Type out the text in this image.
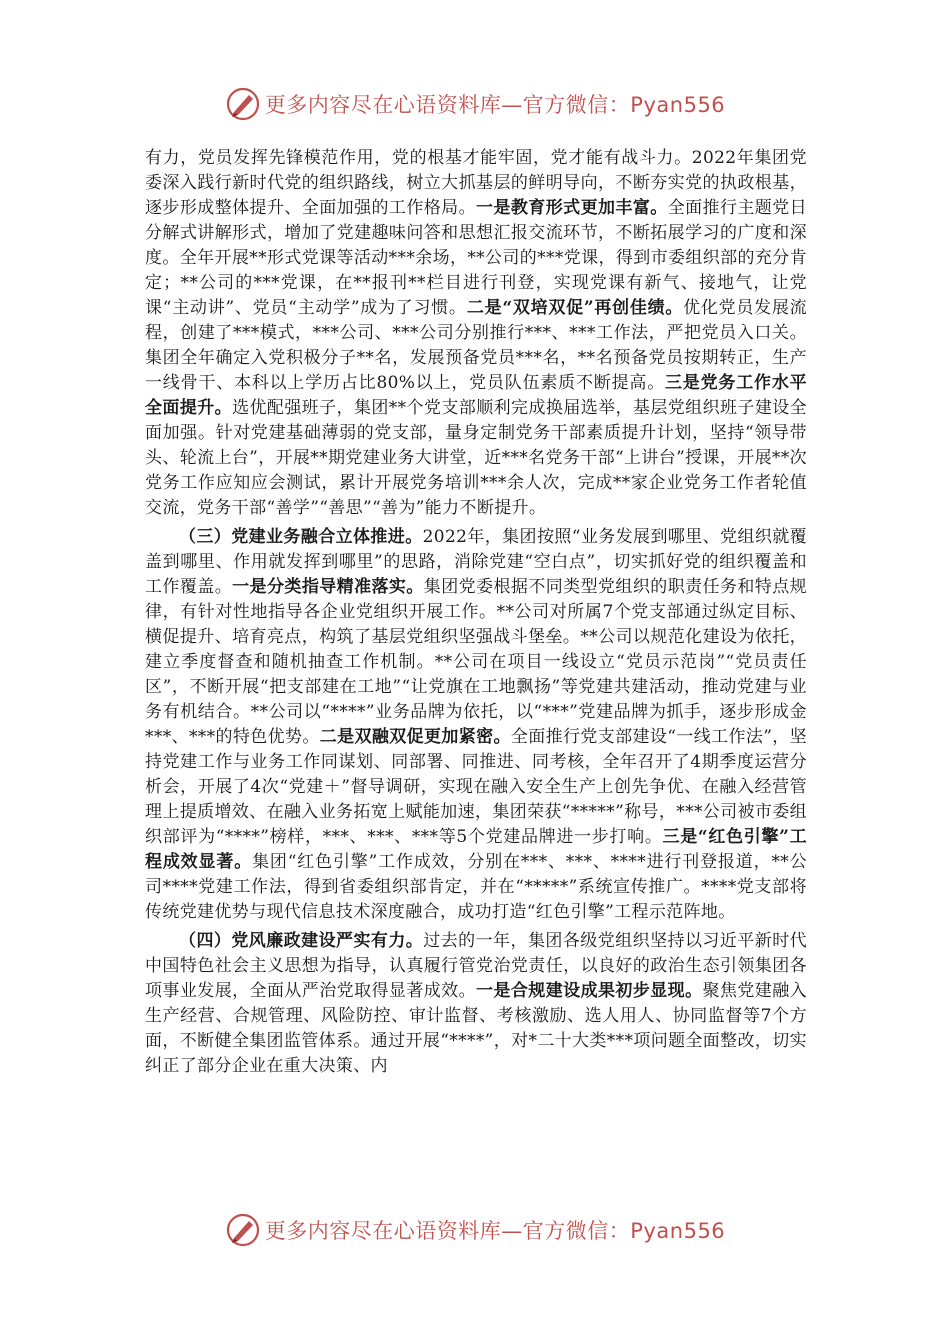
更多内容尽在心语资料库—官方微信：Pyan556

有力，党员发挥先锋模范作用，党的根基才能牢固，党才能有战斗力。2022年集团党委深入践行新时代党的组织路线，树立大抓基层的鲜明导向，不断夯实党的执政根基，逐步形成整体提升、全面加强的工作格局。一是教育形式更加丰富。全面推行主题党日分解式讲解形式，增加了党建趣味问答和思想汇报交流环节，不断拓展学习的广度和深度。全年开展**形式党课等活动***余场，**公司的***党课，得到市委组织部的充分肯定；**公司的***党课，在**报刊**栏目进行刊登，实现党课有新气、接地气，让党课“主动讲”、党员“主动学”成为了习惯。二是“双培双促”再创佳绩。优化党员发展流程，创建了***模式，***公司、***公司分别推行***、***工作法，严把党员入口关。集团全年确定入党积极分子**名，发展预备党员***名，**名预备党员按期转正，生产一线骨干、本科以上学历占比80%以上，党员队伍素质不断提高。三是党务工作水平全面提升。选优配强班子，集团**个党支部顺利完成换届选举，基层党组织班子建设全面加强。针对党建基础薄弱的党支部，量身定制党务干部素质提升计划，坚持“领导带头、轮流上台”，开展**期党建业务大讲堂，近***名党务干部“上讲台”授课，开展**次党务工作应知应会测试，累计开展党务培训***余人次，完成**家企业党务工作者轮值交流，党务干部“善学”“善思”“善为”能力不断提升。

（三）党建业务融合立体推进。2022年，集团按照“业务发展到哪里、党组织就覆盖到哪里、作用就发挥到哪里”的思路，消除党建“空白点”，切实抓好党的组织覆盖和工作覆盖。一是分类指导精准落实。集团党委根据不同类型党组织的职责任务和特点规律，有针对性地指导各企业党组织开展工作。**公司对所属7个党支部通过纵定目标、横促提升、培育亮点，构筑了基层党组织坚强战斗堡垒。**公司以规范化建设为依托，建立季度督查和随机抽查工作机制。**公司在项目一线设立“党员示范岗”“党员责任区”，不断开展“把支部建在工地”“让党旗在工地飘扬”等党建共建活动，推动党建与业务有机结合。**公司以“****”业务品牌为依托，以“***”党建品牌为抓手，逐步形成金***、***的特色优势。二是双融双促更加紧密。全面推行党支部建设“一线工作法”，坚持党建工作与业务工作同谋划、同部署、同推进、同考核，全年召开了4期季度运营分析会，开展了4次“党建＋”督导调研，实现在融入安全生产上创先争优、在融入经营管理上提质增效、在融入业务拓宽上赋能加速，集团荣获“*****”称号，***公司被市委组织部评为“****”榜样，***、***、***等5个党建品牌进一步打响。三是“红色引擎”工程成效显著。集团“红色引擎”工作成效，分别在***、***、****进行刊登报道，**公司****党建工作法，得到省委组织部肯定，并在“*****”系统宣传推广。****党支部将传统党建优势与现代信息技术深度融合，成功打造“红色引擎”工程示范阵地。

（四）党风廉政建设严实有力。过去的一年，集团各级党组织坚持以习近平新时代中国特色社会主义思想为指导，认真履行管党治党责任，以良好的政治生态引领集团各项事业发展，全面从严治党取得显著成效。一是合规建设成果初步显现。聚焦党建融入生产经营、合规管理、风险防控、审计监督、考核激励、选人用人、协同监督等7个方面，不断健全集团监管体系。通过开展“****”，对*二十大类***项问题全面整改，切实纠正了部分企业在重大决策、内

更多内容尽在心语资料库—官方微信：Pyan556
